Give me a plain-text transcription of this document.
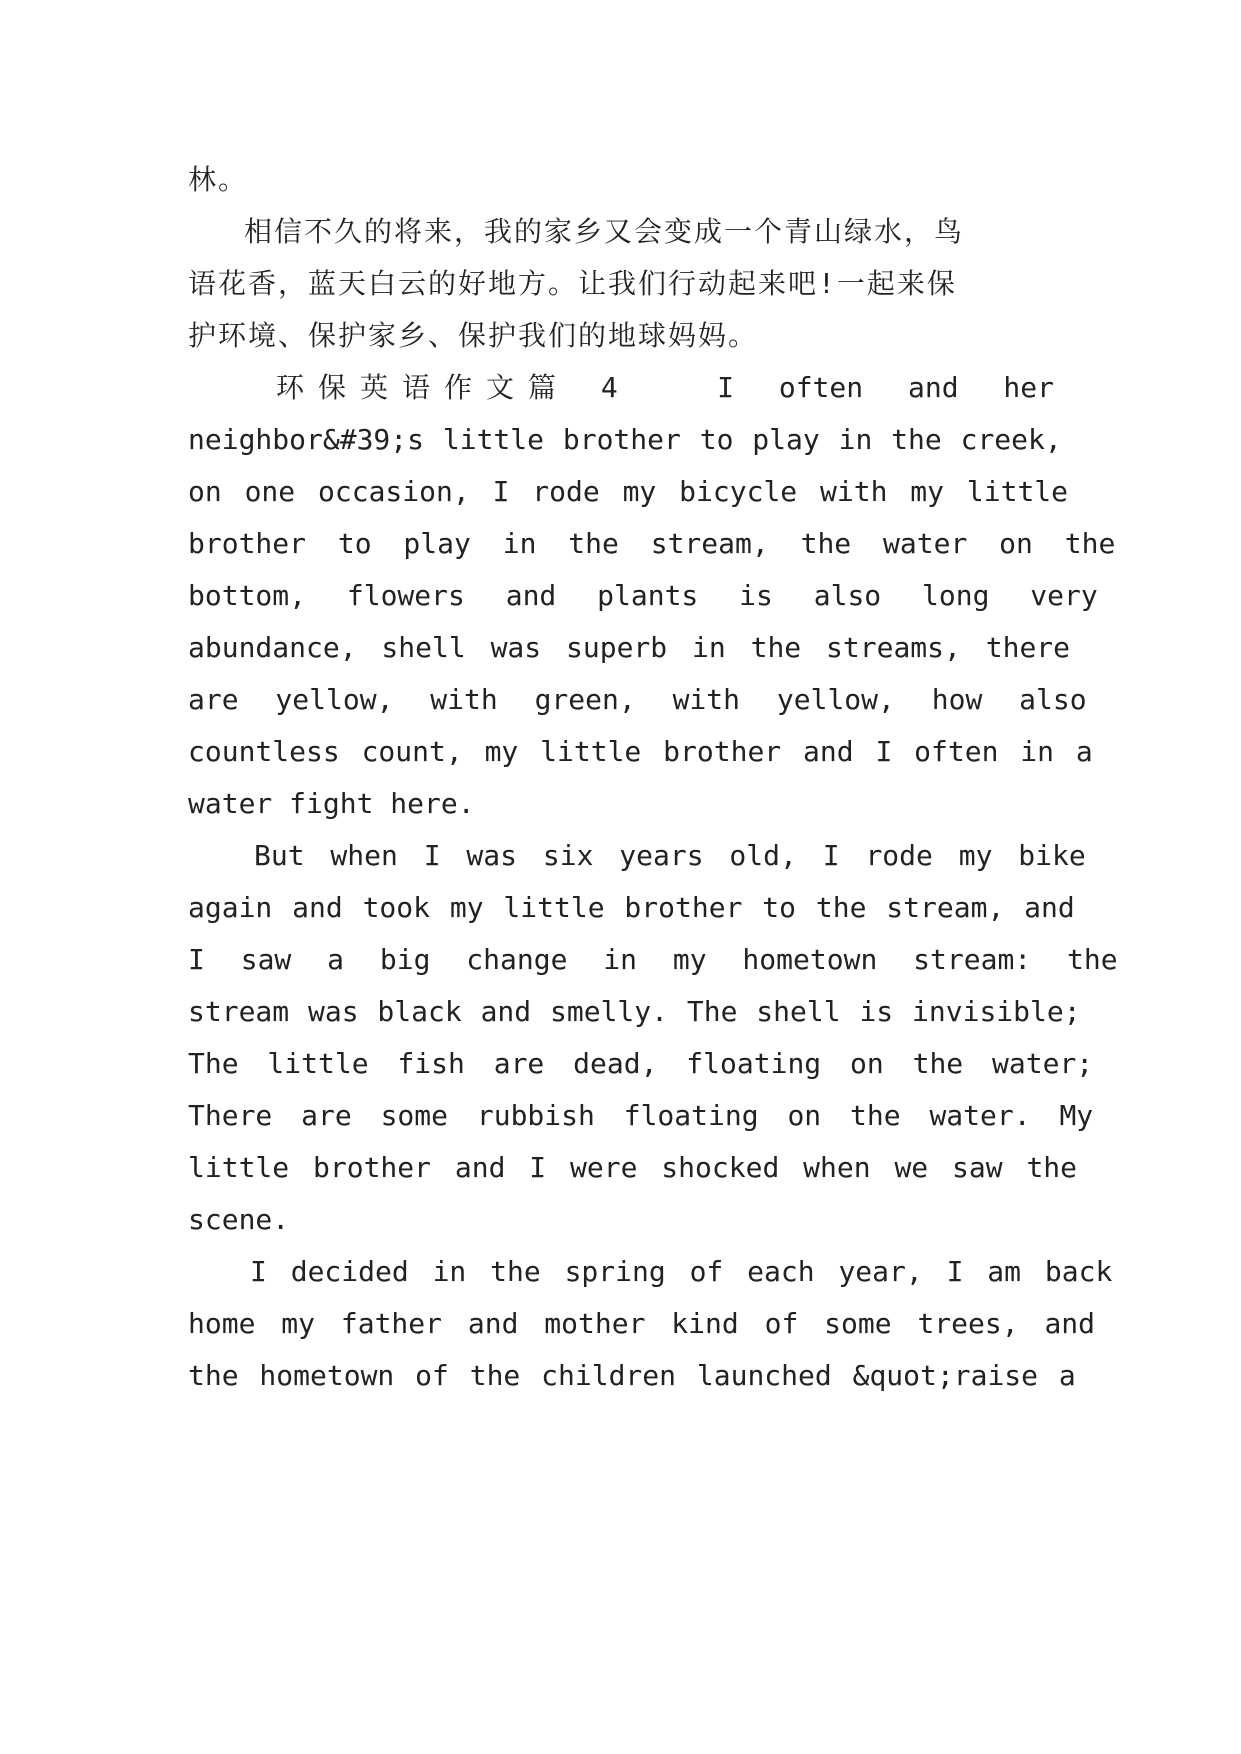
林。
相信不久的将来，我的家乡又会变成一个青山绿水，鸟
语花香，蓝天白云的好地方。让我们行动起来吧!一起来保
护环境、保护家乡、保护我们的地球妈妈。
环保英语作文篇 4	I often and her
neighbor&#39;s little brother to play in the creek,
on one occasion, I rode my bicycle with my little
brother to play in the stream, the water on the
bottom, flowers and plants is also long very
abundance, shell was superb in the streams, there
are yellow, with green, with yellow, how also
countless count, my little brother and I often in a
water fight here.
But when I was six years old, I rode my bike
again and took my little brother to the stream, and
I saw a big change in my hometown stream: the
stream was black and smelly. The shell is invisible;
The little fish are dead, floating on the water;
There are some rubbish floating on the water. My
little brother and I were shocked when we saw the
scene.
I decided in the spring of each year, I am back
home my father and mother kind of some trees, and
the hometown of the children launched &quot;raise a
